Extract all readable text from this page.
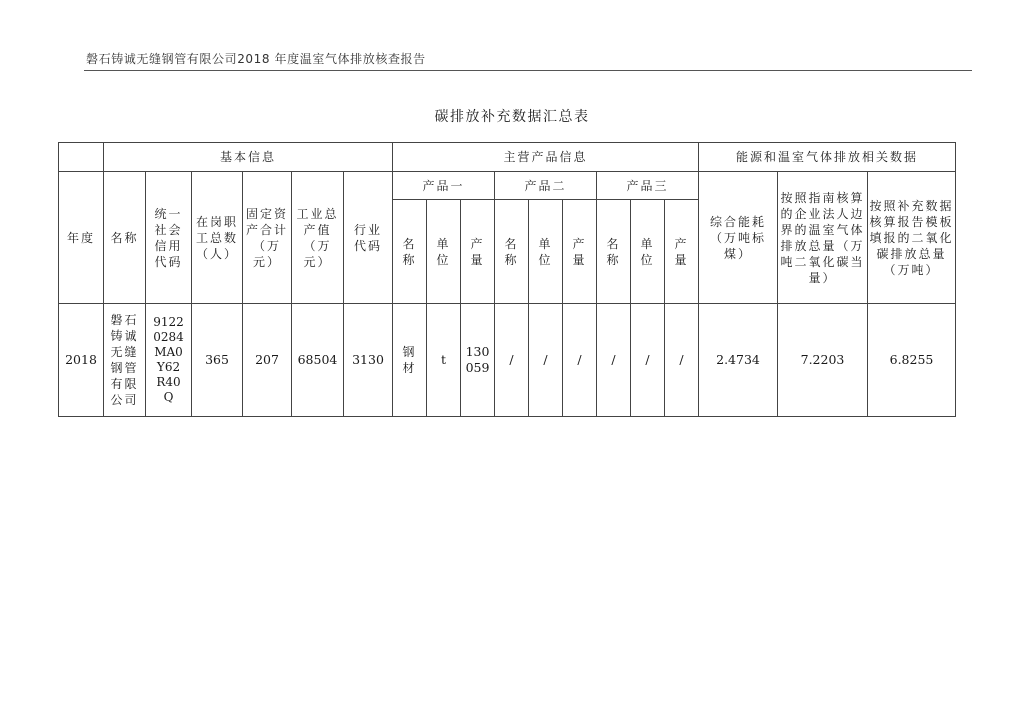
磐石铸诚无缝钢管有限公司2018 年度温室气体排放核查报告
碳排放补充数据汇总表
	基本信息						主营产品信息									能源和温室气体排放相关数据		
年度	名称	统一社会信用代码	在岗职工总数（人）	固定资产合计（万元）	工业总产值（万元）	行业代码	产品一			产品二			产品三			综合能耗（万吨标煤）	按照指南核算的企业法人边界的温室气体排放总量（万吨二氧化碳当量）	按照补充数据核算报告模板填报的二氧化碳排放总量（万吨）

							名称	单位	产量	名称	单位	产量	名称	单位	产量			

2018	磐石铸诚无缝钢管有限公司	9122 0284 MA0 Y62 R40 Q	365	207	68504	3130	钢材	t	130 059	/	/	/	/	/	/	2.4734	7.2203	6.8255
